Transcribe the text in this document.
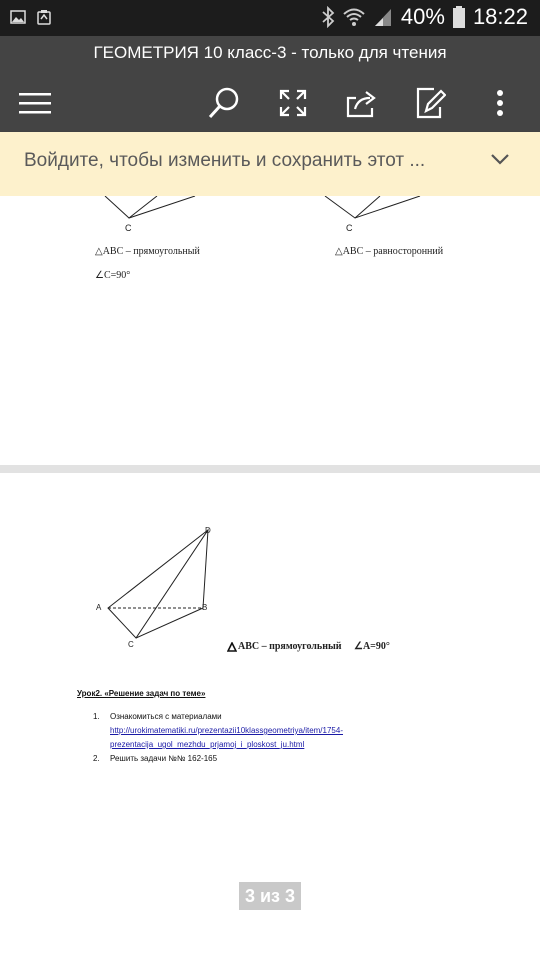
40% 18:22
ГЕОМЕТРИЯ 10 класс-3 - только для чтения
Войдите, чтобы изменить и сохранить этот ...
C
△ABC – прямоугольный
∠C=90°
C
△ABC – равносторонний
D
A	B
C	ABC – прямоугольный ∠A=90°
Урок2. «Решение задач по теме»
1. Ознакомиться с материалами
http://urokimatematiki.ru/prezentazii10klassgeometriya/item/1754-
prezentacija_ugol_mezhdu_prjamoj_i_ploskost_ju.html
2. Решить задачи №№ 162-165
3 из 3
